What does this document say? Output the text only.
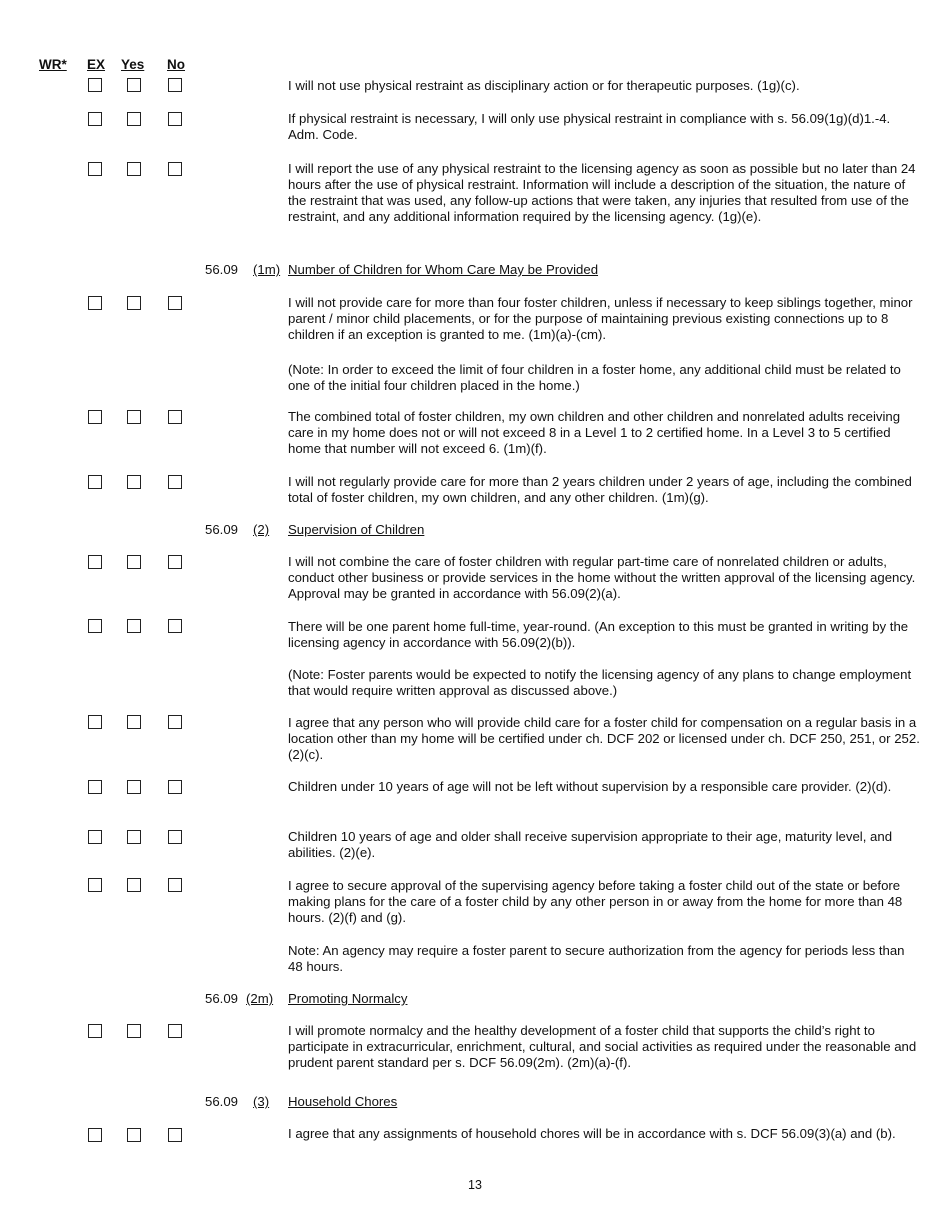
WR* EX Yes No
I will not use physical restraint as disciplinary action or for therapeutic purposes. (1g)(c).
If physical restraint is necessary, I will only use physical restraint in compliance with s. 56.09(1g)(d)1.-4. Adm. Code.
I will report the use of any physical restraint to the licensing agency as soon as possible but no later than 24 hours after the use of physical restraint. Information will include a description of the situation, the nature of the restraint that was used, any follow-up actions that were taken, any injuries that resulted from use of the restraint, and any additional information required by the licensing agency. (1g)(e).
56.09 (1m) Number of Children for Whom Care May be Provided
I will not provide care for more than four foster children, unless if necessary to keep siblings together, minor parent / minor child placements, or for the purpose of maintaining previous existing connections up to 8 children if an exception is granted to me. (1m)(a)-(cm).
(Note: In order to exceed the limit of four children in a foster home, any additional child must be related to one of the initial four children placed in the home.)
The combined total of foster children, my own children and other children and nonrelated adults receiving care in my home does not or will not exceed 8 in a Level 1 to 2 certified home. In a Level 3 to 5 certified home that number will not exceed 6. (1m)(f).
I will not regularly provide care for more than 2 years children under 2 years of age, including the combined total of foster children, my own children, and any other children. (1m)(g).
56.09 (2) Supervision of Children
I will not combine the care of foster children with regular part-time care of nonrelated children or adults, conduct other business or provide services in the home without the written approval of the licensing agency. Approval may be granted in accordance with 56.09(2)(a).
There will be one parent home full-time, year-round. (An exception to this must be granted in writing by the licensing agency in accordance with 56.09(2)(b)).
(Note: Foster parents would be expected to notify the licensing agency of any plans to change employment that would require written approval as discussed above.)
I agree that any person who will provide child care for a foster child for compensation on a regular basis in a location other than my home will be certified under ch. DCF 202 or licensed under ch. DCF 250, 251, or 252. (2)(c).
Children under 10 years of age will not be left without supervision by a responsible care provider. (2)(d).
Children 10 years of age and older shall receive supervision appropriate to their age, maturity level, and abilities. (2)(e).
I agree to secure approval of the supervising agency before taking a foster child out of the state or before making plans for the care of a foster child by any other person in or away from the home for more than 48 hours. (2)(f) and (g).
Note: An agency may require a foster parent to secure authorization from the agency for periods less than 48 hours.
56.09 (2m) Promoting Normalcy
I will promote normalcy and the healthy development of a foster child that supports the child’s right to participate in extracurricular, enrichment, cultural, and social activities as required under the reasonable and prudent parent standard per s. DCF 56.09(2m). (2m)(a)-(f).
56.09 (3) Household Chores
I agree that any assignments of household chores will be in accordance with s. DCF 56.09(3)(a) and (b).
13
